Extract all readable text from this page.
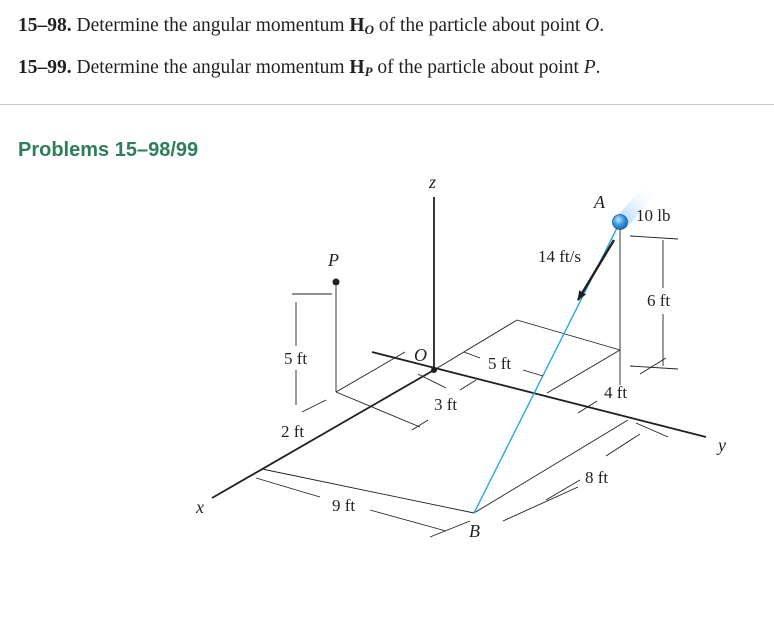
15–98. Determine the angular momentum HO of the particle about point O.
15–99. Determine the angular momentum HP of the particle about point P.
Problems 15–98/99
z
x
y
14 ft/s
A
10 lb
6 ft
4 ft
8 ft
5 ft
O
3 ft
P
5 ft
2 ft
9 ft
B
